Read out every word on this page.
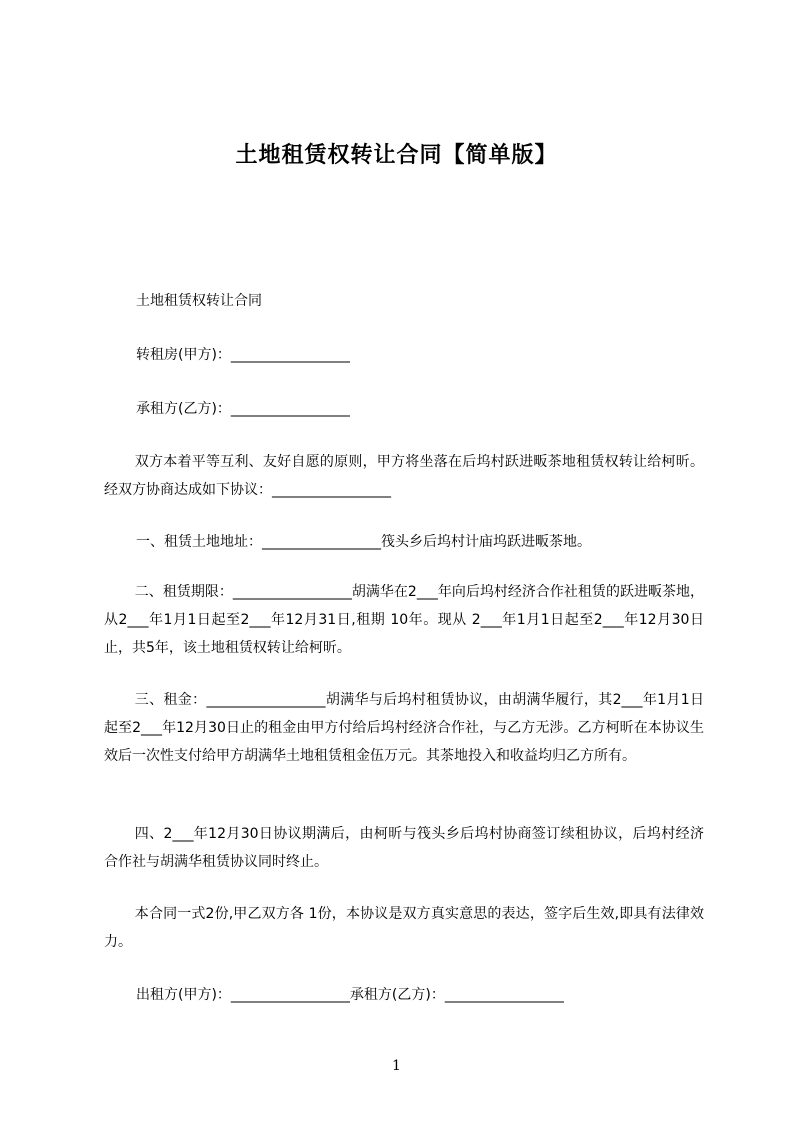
土地租赁权转让合同【简单版】

土地租赁权转让合同

转租房(甲方)：_________________

承租方(乙方)：_________________

双方本着平等互利、友好自愿的原则，甲方将坐落在后坞村跃进畈茶地租赁权转让给柯昕。经双方协商达成如下协议：_________________

一、租赁土地地址：_________________筏头乡后坞村计庙坞跃进畈茶地。

二、租赁期限：_________________胡满华在2___年向后坞村经济合作社租赁的跃进畈茶地，从2___年1月1日起至2___年12月31日,租期 10年。现从 2___年1月1日起至2___年12月30日止，共5年，该土地租赁权转让给柯昕。

三、租金：_________________胡满华与后坞村租赁协议，由胡满华履行，其2___年1月1日起至2___年12月30日止的租金由甲方付给后坞村经济合作社，与乙方无涉。乙方柯昕在本协议生效后一次性支付给甲方胡满华土地租赁租金伍万元。其茶地投入和收益均归乙方所有。

四、2___年12月30日协议期满后，由柯昕与筏头乡后坞村协商签订续租协议，后坞村经济合作社与胡满华租赁协议同时终止。

本合同一式2份,甲乙双方各 1份，本协议是双方真实意思的表达，签字后生效,即具有法律效力。

出租方(甲方)：_________________承租方(乙方)：_________________

1
